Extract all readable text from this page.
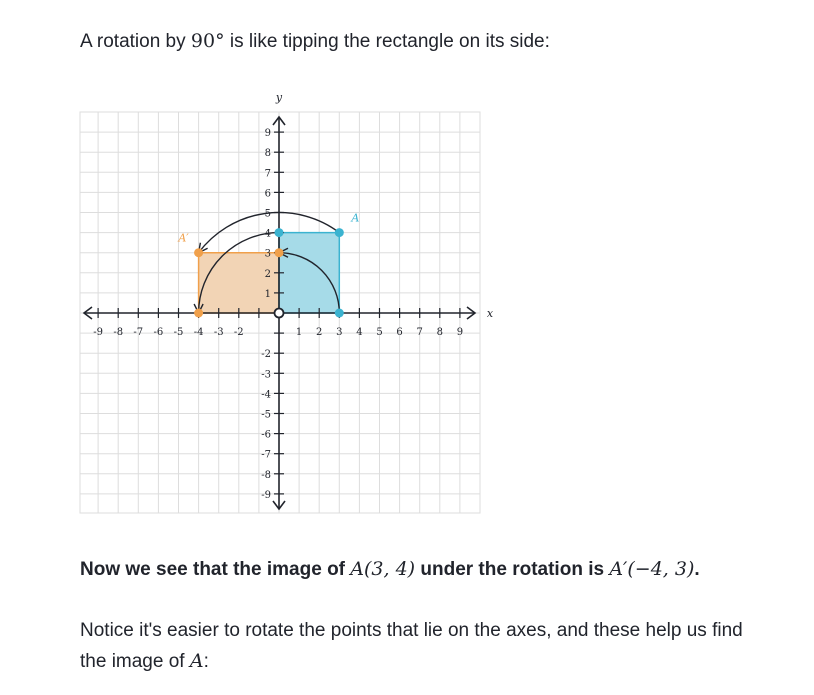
A rotation by 90° is like tipping the rectangle on its side:

-9 -8 -7 -6 -5 -4 -3 -2	1 2 3 4 5 6 7 8 9
9
8
7
6
5
4
3
2
1
-2
-3
-4
-5
-6
-7
-8
-9
x
y
A
A′

Now we see that the image of A(3, 4) under the rotation is A′(−4, 3).

Notice it's easier to rotate the points that lie on the axes, and these help us find the image of A:
